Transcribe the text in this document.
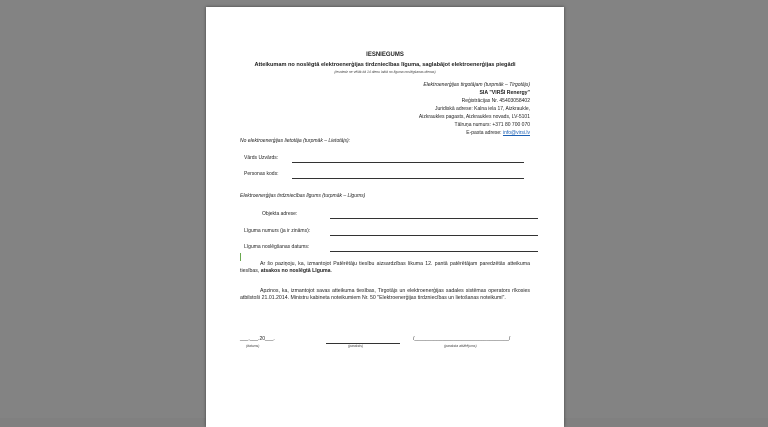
IESNIEGUMS
Atteikumam no noslēgtā elektroenerģijas tirdzniecības līguma, saglabājot elektroenerģijas piegādi
(iesniedz ne vēlāk kā 14 dienu laikā no līguma noslēgšanas dienas)
Elektroenerģijas tirgotājam (turpmāk – Tirgotājs)
SIA "VIRŠI Renergy"
Reģistrācijas Nr. 45403058402
Juridiskā adrese: Kalna iela 17, Aizkraukle,
Aizkraukles pagasts, Aizkraukles novads, LV-5101
Tālruņa numurs: +371 80 700 070
E-pasta adrese: info@virsi.lv
No elektroenerģijas lietotāja (turpmāk – Lietotājs):
Vārds Uzvārds:
Personas kods:
Elektroenerģijas tirdzniecības līgums (turpmāk – Līgums)
Objekta adrese:
Līguma numurs (ja ir zināms):
Līguma noslēgšanas datums:
Ar šo paziņoju, ka, izmantojot Patērētāju tiesību aizsardzības likuma 12. pantā patērētājam paredzētās atteikuma tiesības, atsakos no noslēgtā Līguma.
Apzinos, ka, izmantojot savas atteikuma tiesības, Tirgotājs un elektroenerģijas sadales sistēmas operators rīkosies atbilstoši 21.01.2014. Ministru kabineta noteikumiem Nr. 50 "Elektroenerģijas tirdzniecības un lietošanas noteikumi".
___.___.20___.
(datums)	(paraksts)
/__________________________________/
(paraksta atšifrējums)
